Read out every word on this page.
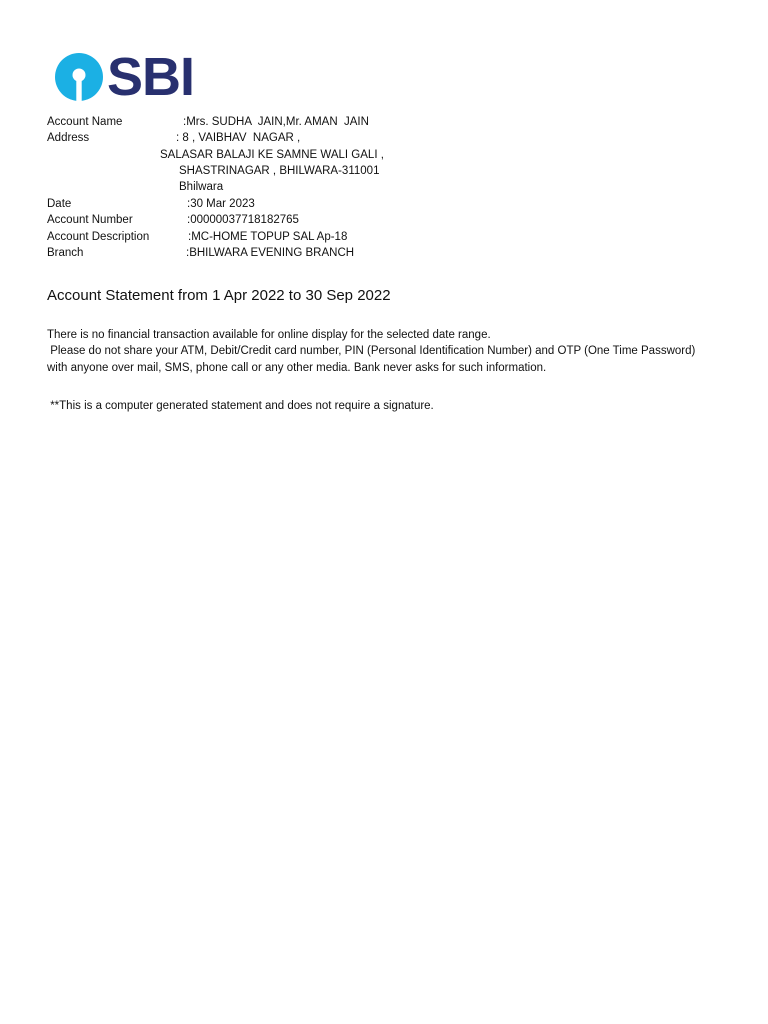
SBI
Account Name	:Mrs. SUDHA  JAIN,Mr. AMAN  JAIN
Address	: 8 , VAIBHAV  NAGAR ,
SALASAR BALAJI KE SAMNE WALI GALI ,
SHASTRINAGAR , BHILWARA-311001
Bhilwara
Date	:30 Mar 2023
Account Number	:00000037718182765
Account Description	:MC-HOME TOPUP SAL Ap-18
Branch	:BHILWARA EVENING BRANCH
Account Statement from 1 Apr 2022 to 30 Sep 2022
There is no financial transaction available for online display for the selected date range.
Please do not share your ATM, Debit/Credit card number, PIN (Personal Identification Number) and OTP (One Time Password)
with anyone over mail, SMS, phone call or any other media. Bank never asks for such information.
**This is a computer generated statement and does not require a signature.
